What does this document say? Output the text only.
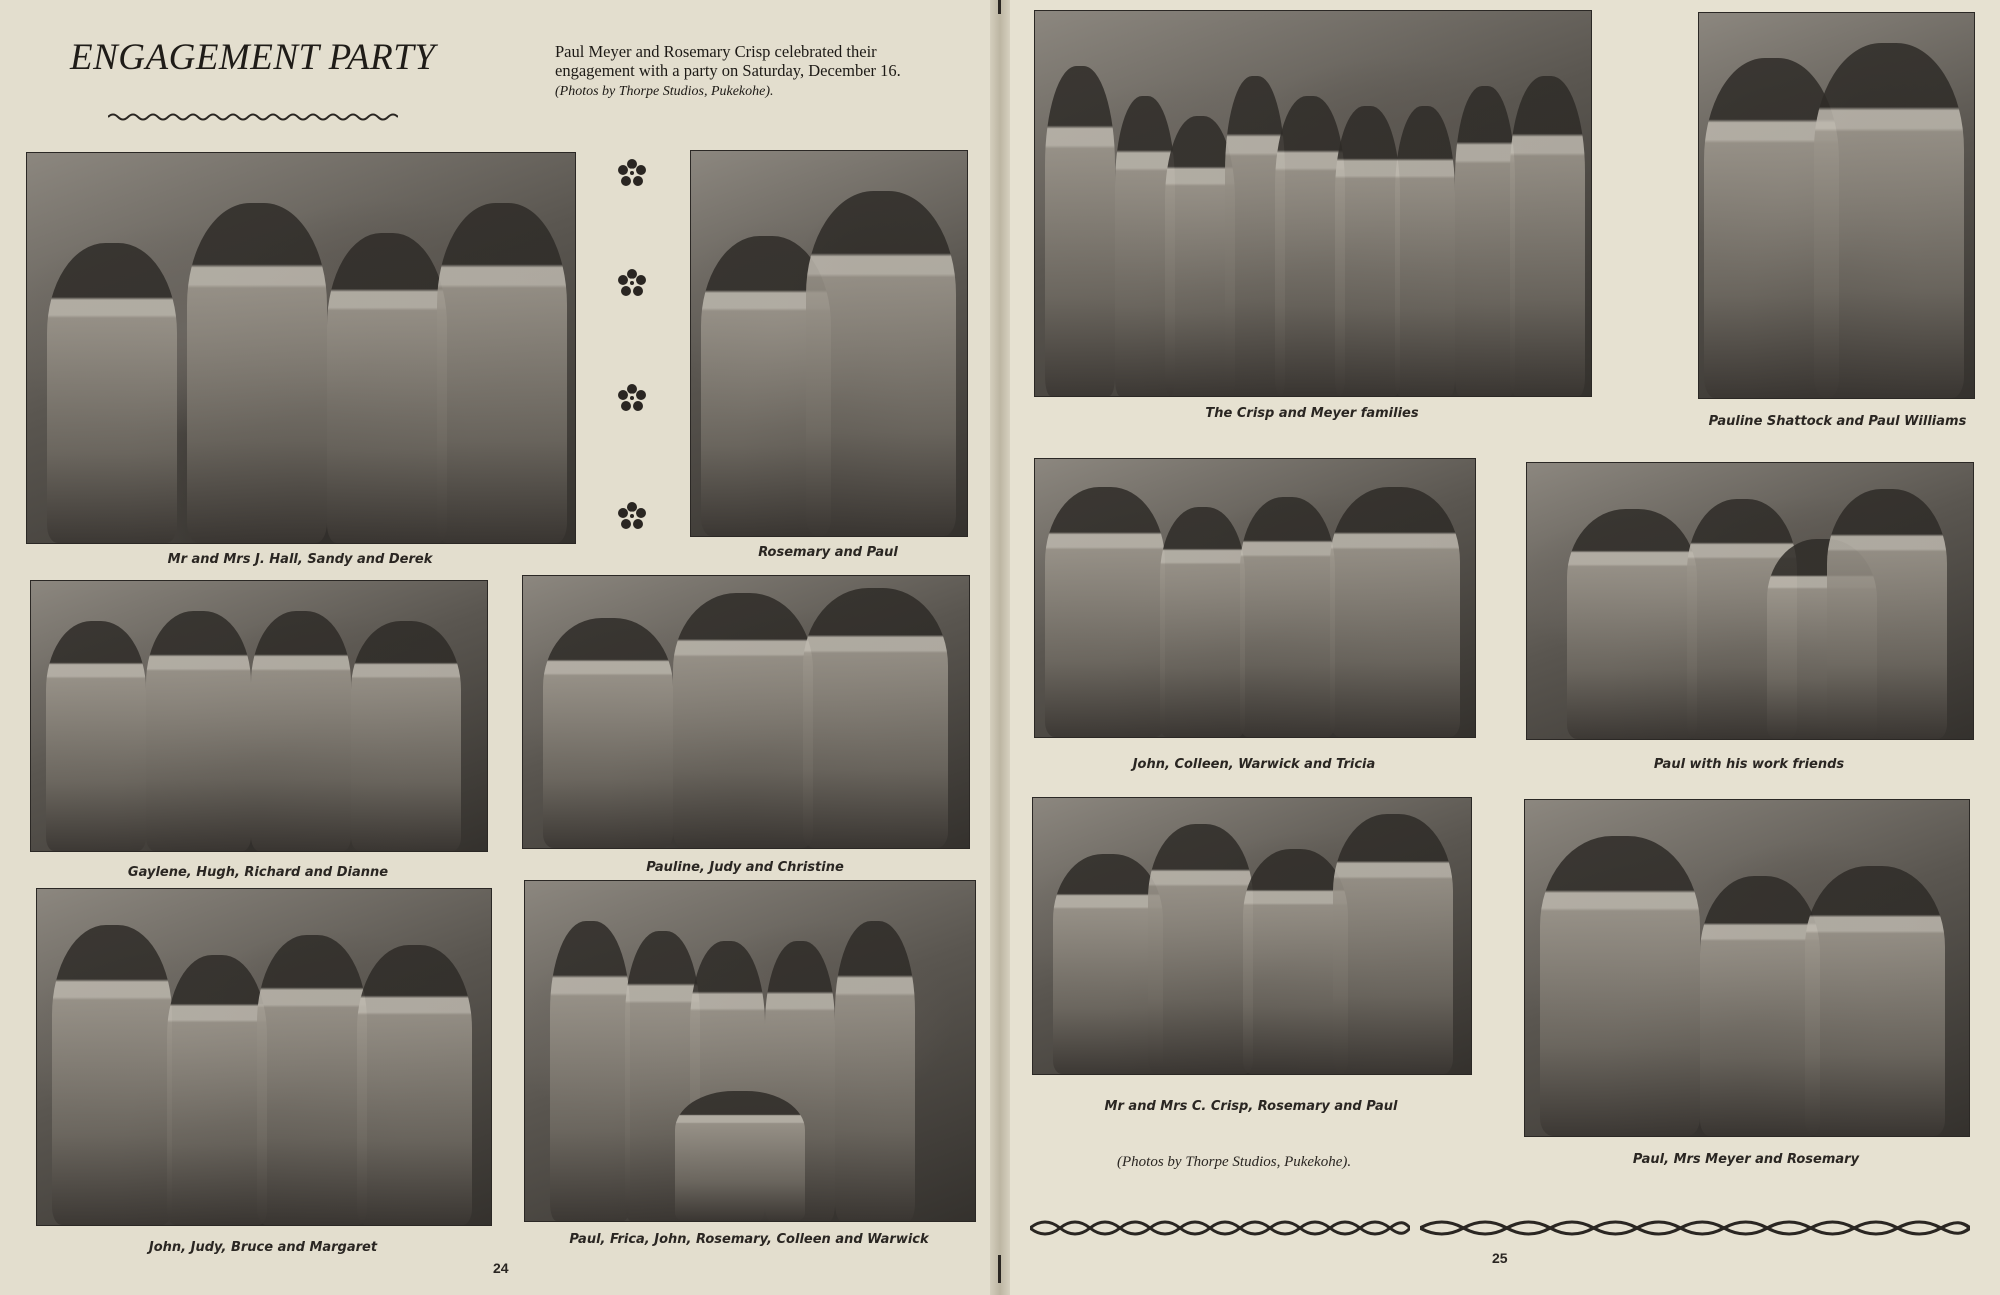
ENGAGEMENT PARTY	Paul Meyer and Rosemary Crisp celebrated their engagement with a party on Saturday, December 16. (Photos by Thorpe Studios, Pukekohe).
Mr and Mrs J. Hall, Sandy and Derek	Rosemary and Paul
Gaylene, Hugh, Richard and Dianne	Pauline, Judy and Christine
John, Judy, Bruce and Margaret
Paul, Frica, John, Rosemary, Colleen and Warwick
24
The Crisp and Meyer families
Pauline Shattock and Paul Williams
John, Colleen, Warwick and Tricia	Paul with his work friends
Mr and Mrs C. Crisp, Rosemary and Paul
Paul, Mrs Meyer and Rosemary
(Photos by Thorpe Studios, Pukekohe).
25
